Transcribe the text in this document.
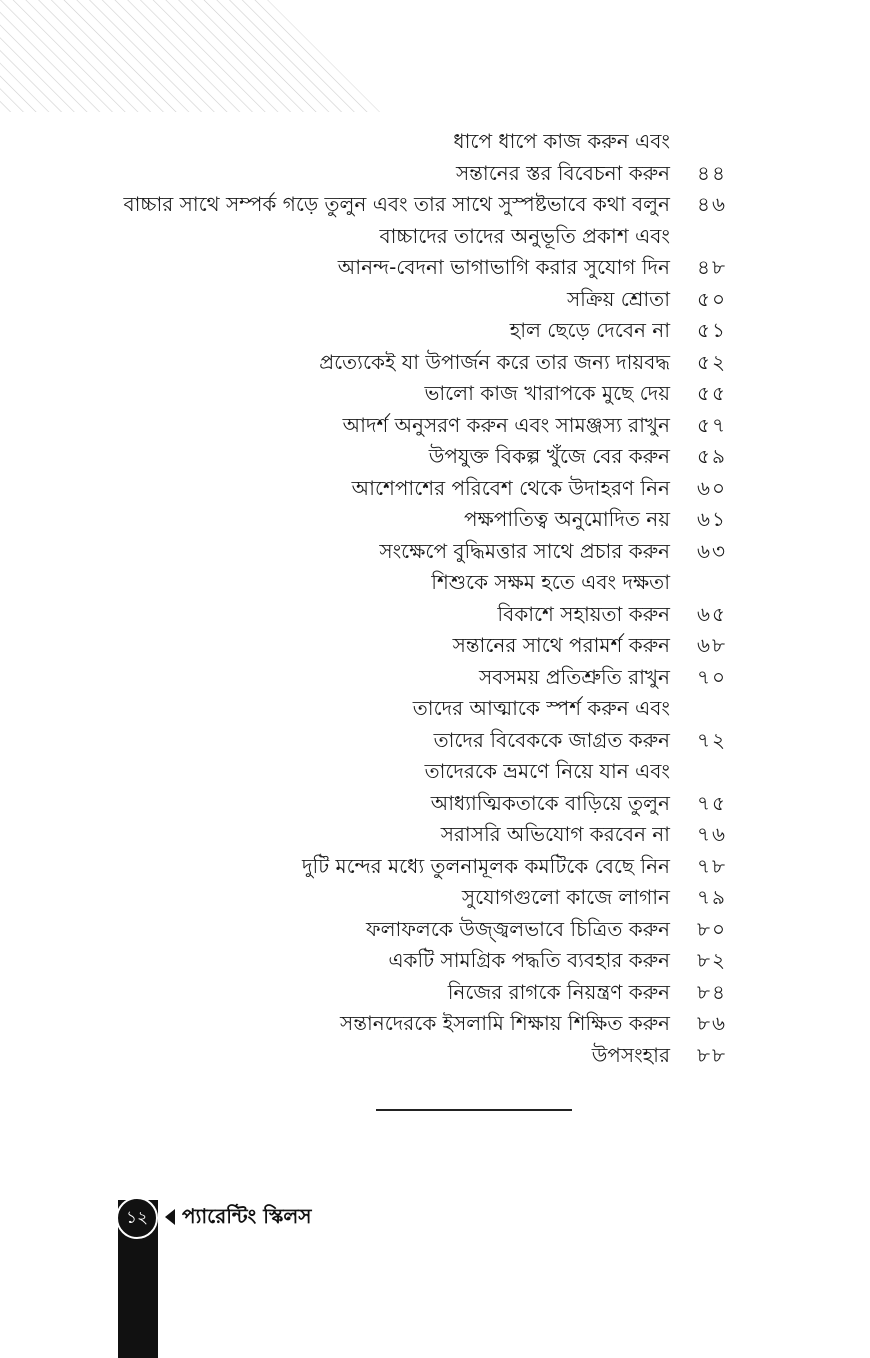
ধাপে ধাপে কাজ করুন এবং
সন্তানের স্তর বিবেচনা করুন ৪৪
বাচ্চার সাথে সম্পর্ক গড়ে তুলুন এবং তার সাথে সুস্পষ্টভাবে কথা বলুন ৪৬
বাচ্চাদের তাদের অনুভূতি প্রকাশ এবং
আনন্দ-বেদনা ভাগাভাগি করার সুযোগ দিন ৪৮
সক্রিয় শ্রোতা ৫০
হাল ছেড়ে দেবেন না ৫১
প্রত্যেকেই যা উপার্জন করে তার জন্য দায়বদ্ধ ৫২
ভালো কাজ খারাপকে মুছে দেয় ৫৫
আদর্শ অনুসরণ করুন এবং সামঞ্জস্য রাখুন ৫৭
উপযুক্ত বিকল্প খুঁজে বের করুন ৫৯
আশেপাশের পরিবেশ থেকে উদাহরণ নিন ৬০
পক্ষপাতিত্ব অনুমোদিত নয় ৬১
সংক্ষেপে বুদ্ধিমত্তার সাথে প্রচার করুন ৬৩
শিশুকে সক্ষম হতে এবং দক্ষতা
বিকাশে সহায়তা করুন ৬৫
সন্তানের সাথে পরামর্শ করুন ৬৮
সবসময় প্রতিশ্রুতি রাখুন ৭০
তাদের আত্মাকে স্পর্শ করুন এবং
তাদের বিবেককে জাগ্রত করুন ৭২
তাদেরকে ভ্রমণে নিয়ে যান এবং
আধ্যাত্মিকতাকে বাড়িয়ে তুলুন ৭৫
সরাসরি অভিযোগ করবেন না ৭৬
দুটি মন্দের মধ্যে তুলনামূলক কমটিকে বেছে নিন ৭৮
সুযোগগুলো কাজে লাগান ৭৯
ফলাফলকে উজ্জ্বলভাবে চিত্রিত করুন ৮০
একটি সামগ্রিক পদ্ধতি ব্যবহার করুন ৮২
নিজের রাগকে নিয়ন্ত্রণ করুন ৮৪
সন্তানদেরকে ইসলামি শিক্ষায় শিক্ষিত করুন ৮৬
উপসংহার ৮৮
১২	প্যারেন্টিং স্কিলস
